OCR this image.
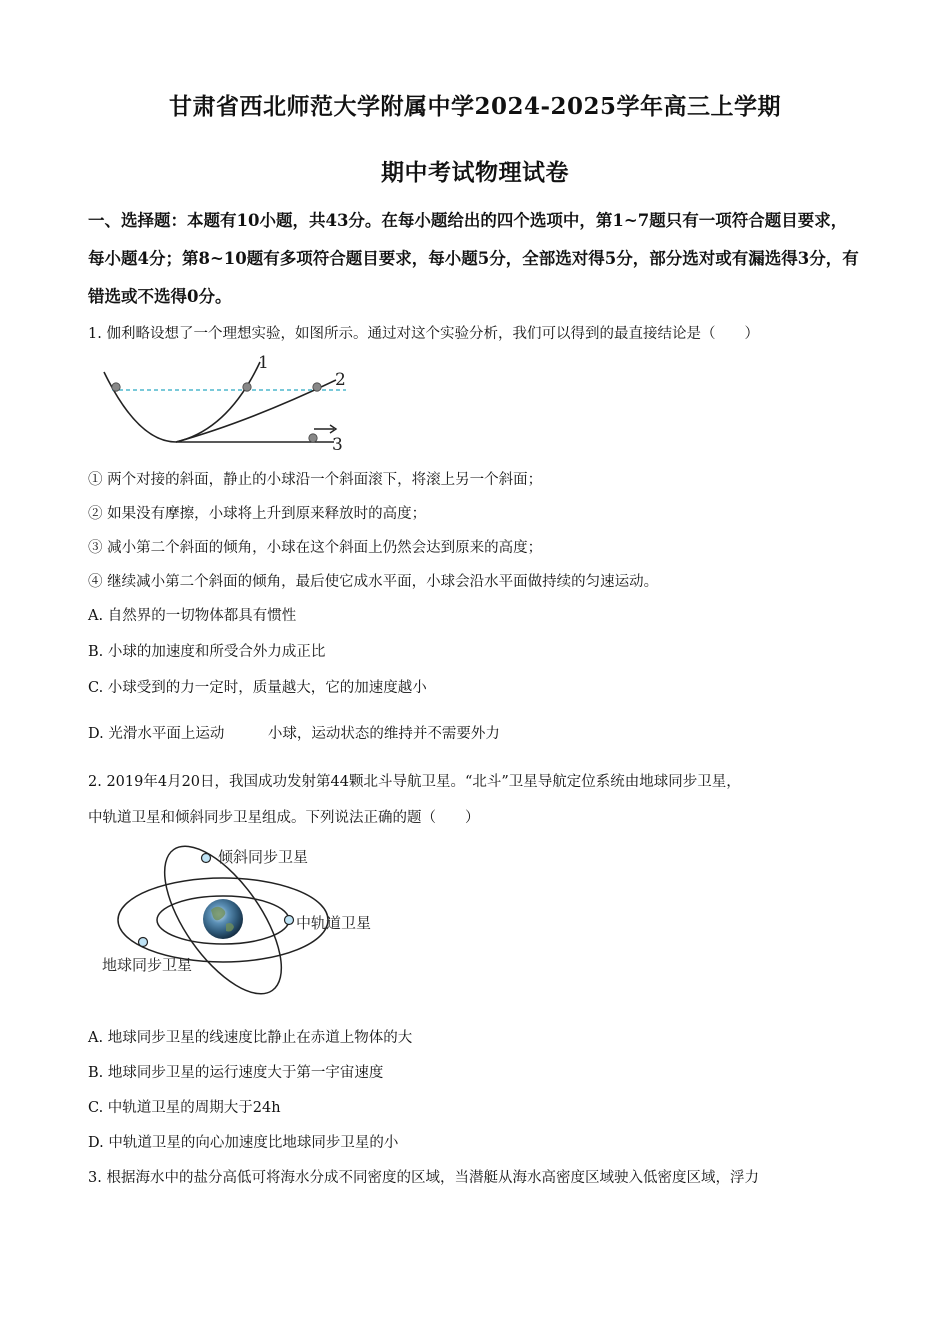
甘肃省西北师范大学附属中学2024-2025学年高三上学期
期中考试物理试卷
一、选择题：本题有10小题，共43分。在每小题给出的四个选项中，第1~7题只有一项符合题目要求，每小题4分；第8~10题有多项符合题目要求，每小题5分，全部选对得5分，部分选对或有漏选得3分，有错选或不选得0分。
1. 伽利略设想了一个理想实验，如图所示。通过对这个实验分析，我们可以得到的最直接结论是（　　）
1
2
3
① 两个对接的斜面，静止的小球沿一个斜面滚下，将滚上另一个斜面；
② 如果没有摩擦，小球将上升到原来释放时的高度；
③ 减小第二个斜面的倾角，小球在这个斜面上仍然会达到原来的高度；
④ 继续减小第二个斜面的倾角，最后使它成水平面，小球会沿水平面做持续的匀速运动。
A. 自然界的一切物体都具有惯性
B. 小球的加速度和所受合外力成正比
C. 小球受到的力一定时，质量越大，它的加速度越小
D. 光滑水平面上运动　　　小球，运动状态的维持并不需要外力
2. 2019年4月20日，我国成功发射第44颗北斗导航卫星。“北斗”卫星导航定位系统由地球同步卫星，
中轨道卫星和倾斜同步卫星组成。下列说法正确的题（　　）
倾斜同步卫星
中轨道卫星
地球同步卫星
A. 地球同步卫星的线速度比静止在赤道上物体的大
B. 地球同步卫星的运行速度大于第一宇宙速度
C. 中轨道卫星的周期大于24h
D. 中轨道卫星的向心加速度比地球同步卫星的小
3. 根据海水中的盐分高低可将海水分成不同密度的区域，当潜艇从海水高密度区域驶入低密度区域，浮力
